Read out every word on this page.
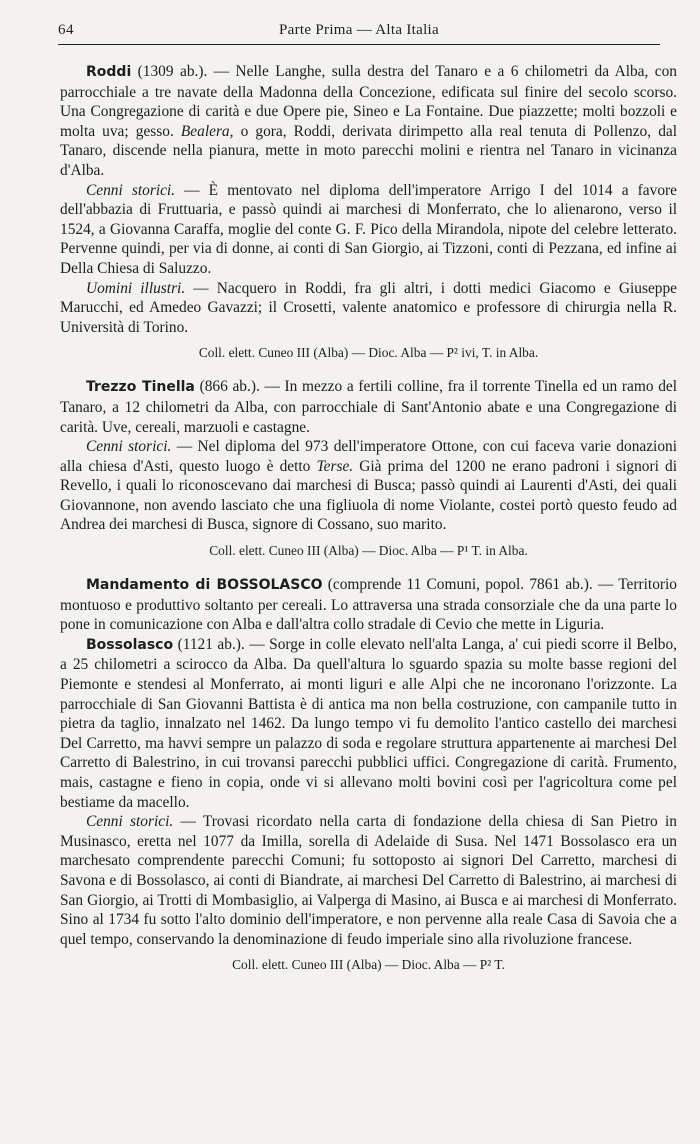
64	Parte Prima — Alta Italia

Roddi (1309 ab.). — Nelle Langhe, sulla destra del Tanaro e a 6 chilometri da Alba, con parrocchiale a tre navate della Madonna della Concezione, edificata sul finire del secolo scorso. Una Congregazione di carità e due Opere pie, Sineo e La Fontaine. Due piazzette; molti bozzoli e molta uva; gesso. Bealera, o gora, Roddi, derivata dirimpetto alla real tenuta di Pollenzo, dal Tanaro, discende nella pianura, mette in moto parecchi molini e rientra nel Tanaro in vicinanza d'Alba.

Cenni storici. — È mentovato nel diploma dell'imperatore Arrigo I del 1014 a favore dell'abbazia di Fruttuaria, e passò quindi ai marchesi di Monferrato, che lo alienarono, verso il 1524, a Giovanna Caraffa, moglie del conte G. F. Pico della Mirandola, nipote del celebre letterato. Pervenne quindi, per via di donne, ai conti di San Giorgio, ai Tizzoni, conti di Pezzana, ed infine ai Della Chiesa di Saluzzo.

Uomini illustri. — Nacquero in Roddi, fra gli altri, i dotti medici Giacomo e Giuseppe Marucchi, ed Amedeo Gavazzi; il Crosetti, valente anatomico e professore di chirurgia nella R. Università di Torino.

Coll. elett. Cuneo III (Alba) — Dioc. Alba — P² ivi, T. in Alba.

Trezzo Tinella (866 ab.). — In mezzo a fertili colline, fra il torrente Tinella ed un ramo del Tanaro, a 12 chilometri da Alba, con parrocchiale di Sant'Antonio abate e una Congregazione di carità. Uve, cereali, marzuoli e castagne.

Cenni storici. — Nel diploma del 973 dell'imperatore Ottone, con cui faceva varie donazioni alla chiesa d'Asti, questo luogo è detto Terse. Già prima del 1200 ne erano padroni i signori di Revello, i quali lo riconoscevano dai marchesi di Busca; passò quindi ai Laurenti d'Asti, dei quali Giovannone, non avendo lasciato che una figliuola di nome Violante, costei portò questo feudo ad Andrea dei marchesi di Busca, signore di Cossano, suo marito.

Coll. elett. Cuneo III (Alba) — Dioc. Alba — P¹ T. in Alba.

Mandamento di BOSSOLASCO (comprende 11 Comuni, popol. 7861 ab.). — Territorio montuoso e produttivo soltanto per cereali. Lo attraversa una strada consorziale che da una parte lo pone in comunicazione con Alba e dall'altra collo stradale di Cevio che mette in Liguria.

Bossolasco (1121 ab.). — Sorge in colle elevato nell'alta Langa, a' cui piedi scorre il Belbo, a 25 chilometri a scirocco da Alba. Da quell'altura lo sguardo spazia su molte basse regioni del Piemonte e stendesi al Monferrato, ai monti liguri e alle Alpi che ne incoronano l'orizzonte. La parrocchiale di San Giovanni Battista è di antica ma non bella costruzione, con campanile tutto in pietra da taglio, innalzato nel 1462. Da lungo tempo vi fu demolito l'antico castello dei marchesi Del Carretto, ma havvi sempre un palazzo di soda e regolare struttura appartenente ai marchesi Del Carretto di Balestrino, in cui trovansi parecchi pubblici uffici. Congregazione di carità. Frumento, mais, castagne e fieno in copia, onde vi si allevano molti bovini così per l'agricoltura come pel bestiame da macello.

Cenni storici. — Trovasi ricordato nella carta di fondazione della chiesa di San Pietro in Musinasco, eretta nel 1077 da Imilla, sorella di Adelaide di Susa. Nel 1471 Bossolasco era un marchesato comprendente parecchi Comuni; fu sottoposto ai signori Del Carretto, marchesi di Savona e di Bossolasco, ai conti di Biandrate, ai marchesi Del Carretto di Balestrino, ai marchesi di San Giorgio, ai Trotti di Mombasiglio, ai Valperga di Masino, ai Busca e ai marchesi di Monferrato. Sino al 1734 fu sotto l'alto dominio dell'imperatore, e non pervenne alla reale Casa di Savoia che a quel tempo, conservando la denominazione di feudo imperiale sino alla rivoluzione francese.

Coll. elett. Cuneo III (Alba) — Dioc. Alba — P² T.
